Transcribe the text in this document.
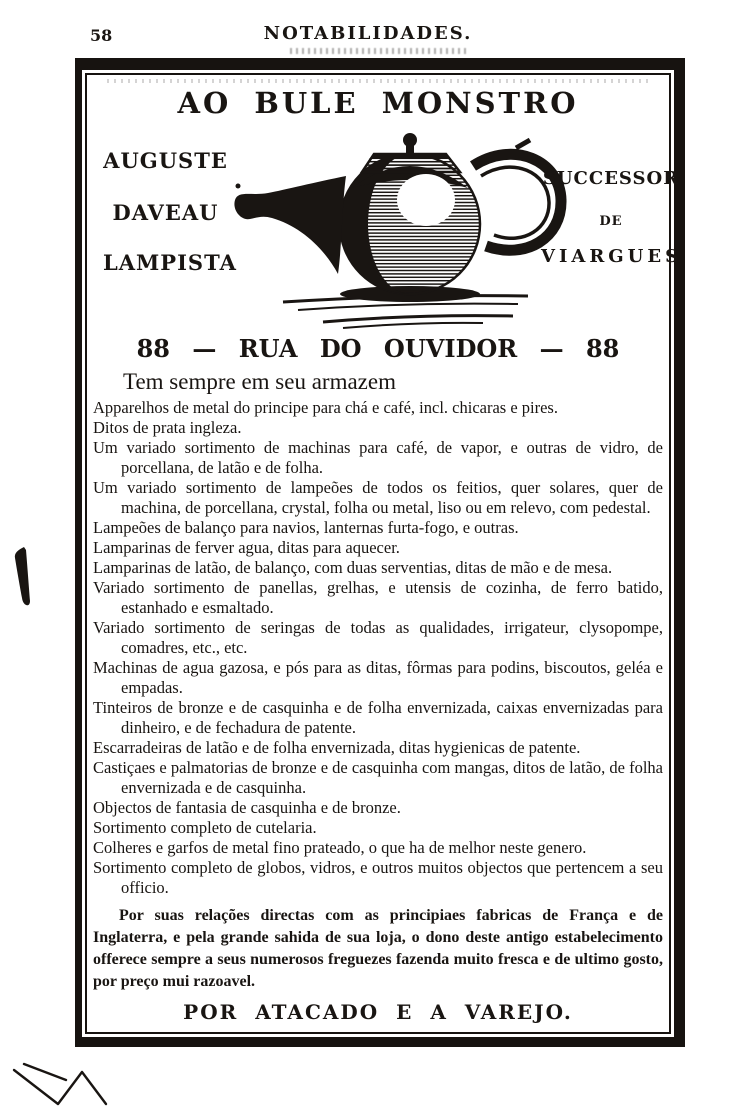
58	NOTABILIDADES.
AO BULE MONSTRO
AUGUSTE
DAVEAU
LAMPISTA
SUCCESSOR
DE
VIARGUES
88 — RUA DO OUVIDOR — 88
Tem sempre em seu armazem

Apparelhos de metal do principe para chá e café, incl. chicaras e pires.

Ditos de prata ingleza.

Um variado sortimento de machinas para café, de vapor, e outras de vidro, de porcellana, de latão e de folha.

Um variado sortimento de lampeões de todos os feitios, quer solares, quer de machina, de porcellana, crystal, folha ou metal, liso ou em relevo, com pedestal.

Lampeões de balanço para navios, lanternas furta-fogo, e outras.

Lamparinas de ferver agua, ditas para aquecer.

Lamparinas de latão, de balanço, com duas serventias, ditas de mão e de mesa.

Variado sortimento de panellas, grelhas, e utensis de cozinha, de ferro batido, estanhado e esmaltado.

Variado sortimento de seringas de todas as qualidades, irrigateur, clysopompe, comadres, etc., etc.

Machinas de agua gazosa, e pós para as ditas, fôrmas para podins, biscoutos, geléa e empadas.

Tinteiros de bronze e de casquinha e de folha envernizada, caixas envernizadas para dinheiro, e de fechadura de patente.

Escarradeiras de latão e de folha envernizada, ditas hygienicas de patente.

Castiçaes e palmatorias de bronze e de casquinha com mangas, ditos de latão, de folha envernizada e de casquinha.

Objectos de fantasia de casquinha e de bronze.

Sortimento completo de cutelaria.

Colheres e garfos de metal fino prateado, o que ha de melhor neste genero.

Sortimento completo de globos, vidros, e outros muitos objectos que pertencem a seu officio.

Por suas relações directas com as principiaes fabricas de França e de Inglaterra, e pela grande sahida de sua loja, o dono deste antigo estabelecimento offerece sempre a seus numerosos freguezes fazenda muito fresca e de ultimo gosto, por preço mui razoavel.

POR ATACADO E A VAREJO.
